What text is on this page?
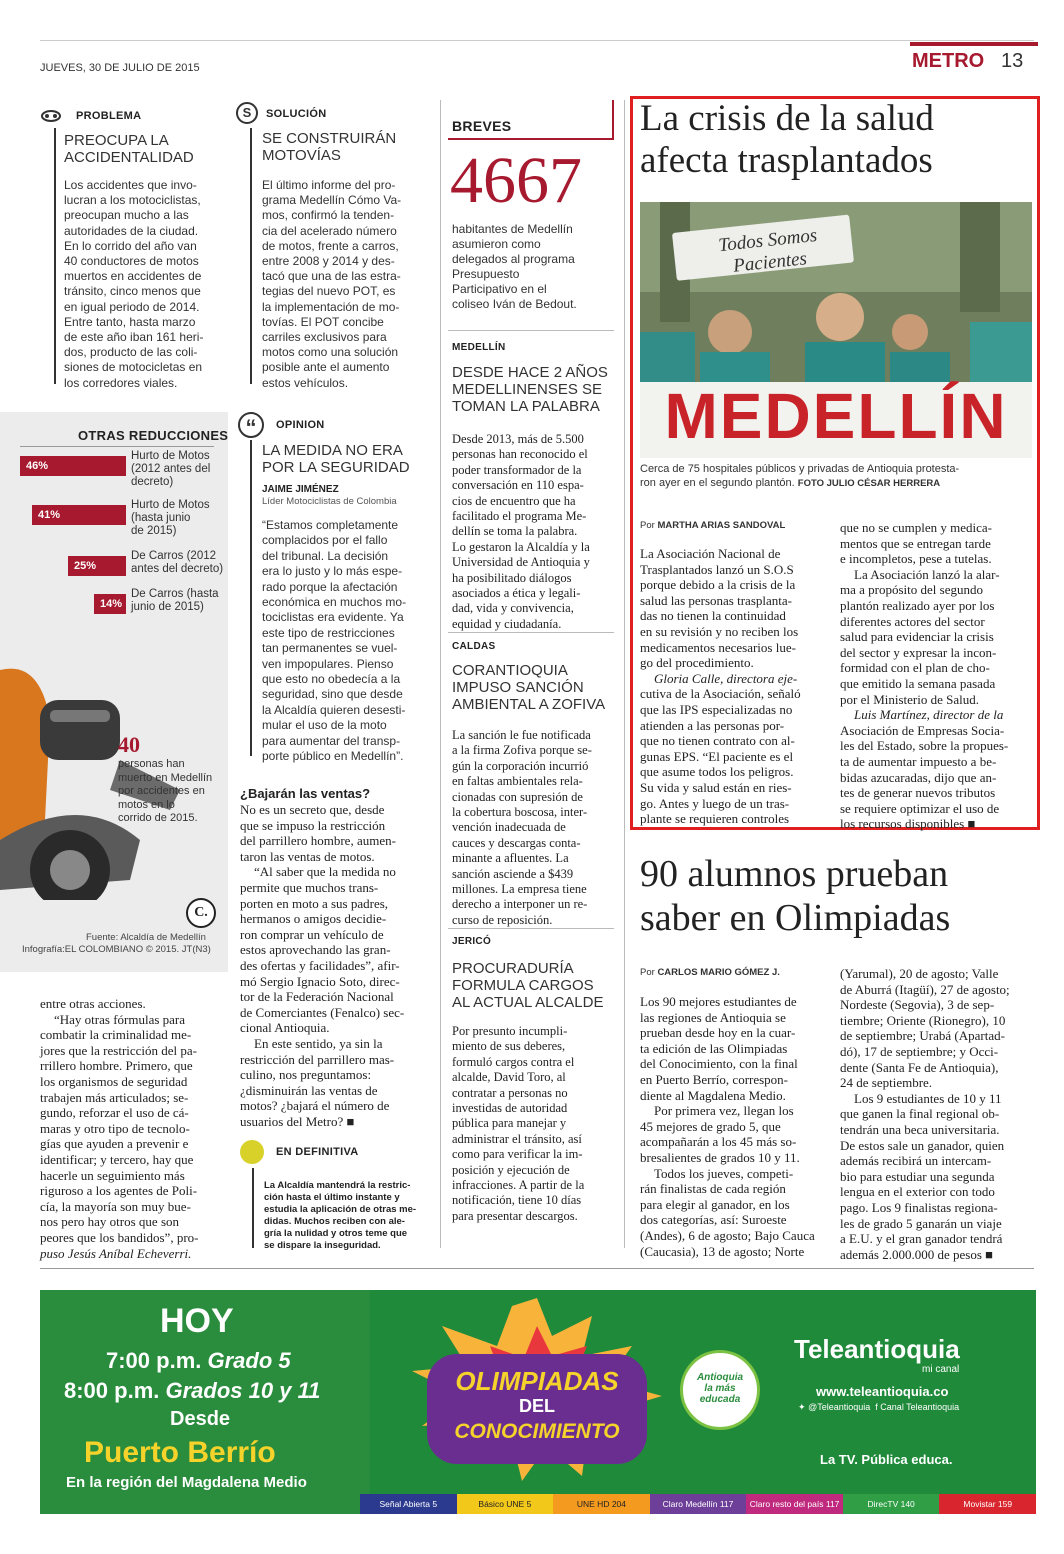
JUEVES, 30 DE JULIO DE 2015	METRO 13
PROBLEMA
PREOCUPA LA
ACCIDENTALIDAD
Los accidentes que invo-
lucran a los motociclistas,
preocupan mucho a las
autoridades de la ciudad.
En lo corrido del año van
40 conductores de motos
muertos en accidentes de
tránsito, cinco menos que
en igual periodo de 2014.
Entre tanto, hasta marzo
de este año iban 161 heri-
dos, producto de las coli-
siones de motocicletas en
los corredores viales.
S	SOLUCIÓN
SE CONSTRUIRÁN
MOTOVÍAS
El último informe del pro-
grama Medellín Cómo Va-
mos, confirmó la tenden-
cia del acelerado número
de motos, frente a carros,
entre 2008 y 2014 y des-
tacó que una de las estra-
tegias del nuevo POT, es
la implementación de mo-
tovías. El POT concibe
carriles exclusivos para
motos como una solución
posible ante el aumento
estos vehículos.
OTRAS REDUCCIONES
46%
Hurto de Motos
(2012 antes del
decreto)
41%
Hurto de Motos
(hasta junio
de 2015)
25%
De Carros (2012
antes del decreto)
14%
De Carros (hasta
junio de 2015)
40
personas han
muerto en Medellín
por accidentes en
motos en lo
corrido de 2015.
C.
Fuente: Alcaldía de Medellín
Infografía:EL COLOMBIANO © 2015. JT(N3)
“	OPINION
LA MEDIDA NO ERA
POR LA SEGURIDAD
JAIME JIMÉNEZ
Líder Motociclistas de Colombia
“Estamos completamente
complacidos por el fallo
del tribunal. La decisión
era lo justo y lo más espe-
rado porque la afectación
económica en muchos mo-
tociclistas era evidente. Ya
este tipo de restricciones
tan permanentes se vuel-
ven impopulares. Pienso
que esto no obedecía a la
seguridad, sino que desde
la Alcaldía quieren desesti-
mular el uso de la moto
para aumentar del transp-
porte público en Medellín”.
entre otras acciones.
“Hay otras fórmulas para
combatir la criminalidad me-
jores que la restricción del pa-
rrillero hombre. Primero, que
los organismos de seguridad
trabajen más articulados; se-
gundo, reforzar el uso de cá-
maras y otro tipo de tecnolo-
gías que ayuden a prevenir e
identificar; y tercero, hay que
hacerle un seguimiento más
riguroso a los agentes de Poli-
cía, la mayoría son muy bue-
nos pero hay otros que son
peores que los bandidos”, pro-
puso Jesús Aníbal Echeverri.
¿Bajarán las ventas?
No es un secreto que, desde
que se impuso la restricción
del parrillero hombre, aumen-
taron las ventas de motos.
“Al saber que la medida no
permite que muchos trans-
porten en moto a sus padres,
hermanos o amigos decidie-
ron comprar un vehículo de
estos aprovechando las gran-
des ofertas y facilidades”, afir-
mó Sergio Ignacio Soto, direc-
tor de la Federación Nacional
de Comerciantes (Fenalco) sec-
cional Antioquia.
En este sentido, ya sin la
restricción del parrillero mas-
culino, nos preguntamos:
¿disminuirán las ventas de
motos? ¿bajará el número de
usuarios del Metro? ■
EN DEFINITIVA
La Alcaldía mantendrá la restric-
ción hasta el último instante y
estudia la aplicación de otras me-
didas. Muchos reciben con ale-
gría la nulidad y otros teme que
se dispare la inseguridad.
BREVES
4667
habitantes de Medellín
asumieron como
delegados al programa
Presupuesto
Participativo en el
coliseo Iván de Bedout.
MEDELLÍN
DESDE HACE 2 AÑOS
MEDELLINENSES SE
TOMAN LA PALABRA
Desde 2013, más de 5.500
personas han reconocido el
poder transformador de la
conversación en 110 espa-
cios de encuentro que ha
facilitado el programa Me-
dellín se toma la palabra.
Lo gestaron la Alcaldía y la
Universidad de Antioquia y
ha posibilitado diálogos
asociados a ética y legali-
dad, vida y convivencia,
equidad y ciudadanía.
CALDAS
CORANTIOQUIA
IMPUSO SANCIÓN
AMBIENTAL A ZOFIVA
La sanción le fue notificada
a la firma Zofiva porque se-
gún la corporación incurrió
en faltas ambientales rela-
cionadas con supresión de
la cobertura boscosa, inter-
vención inadecuada de
cauces y descargas conta-
minante a afluentes. La
sanción asciende a $439
millones. La empresa tiene
derecho a interponer un re-
curso de reposición.
JERICÓ
PROCURADURÍA
FORMULA CARGOS
AL ACTUAL ALCALDE
Por presunto incumpli-
miento de sus deberes,
formuló cargos contra el
alcalde, David Toro, al
contratar a personas no
investidas de autoridad
pública para manejar y
administrar el tránsito, así
como para verificar la im-
posición y ejecución de
infracciones. A partir de la
notificación, tiene 10 días
para presentar descargos.
La crisis de la salud
afecta trasplantados
Todos Somos Pacientes
MEDELLÍN
Cerca de 75 hospitales públicos y privadas de Antioquia protesta-
ron ayer en el segundo plantón. FOTO JULIO CÉSAR HERRERA
Por MARTHA ARIAS SANDOVAL
La Asociación Nacional de
Trasplantados lanzó un S.O.S
porque debido a la crisis de la
salud las personas trasplanta-
das no tienen la continuidad
en su revisión y no reciben los
medicamentos necesarios lue-
go del procedimiento.
Gloria Calle, directora eje-
cutiva de la Asociación, señaló
que las IPS especializadas no
atienden a las personas por-
que no tienen contrato con al-
gunas EPS. “El paciente es el
que asume todos los peligros.
Su vida y salud están en ries-
go. Antes y luego de un tras-
plante se requieren controles
que no se cumplen y medica-
mentos que se entregan tarde
e incompletos, pese a tutelas.
La Asociación lanzó la alar-
ma a propósito del segundo
plantón realizado ayer por los
diferentes actores del sector
salud para evidenciar la crisis
del sector y expresar la incon-
formidad con el plan de cho-
que emitido la semana pasada
por el Ministerio de Salud.
Luis Martínez, director de la
Asociación de Empresas Socia-
les del Estado, sobre la propues-
ta de aumentar impuesto a be-
bidas azucaradas, dijo que an-
tes de generar nuevos tributos
se requiere optimizar el uso de
los recursos disponibles ■
90 alumnos prueban
saber en Olimpiadas
Por CARLOS MARIO GÓMEZ J.
Los 90 mejores estudiantes de
las regiones de Antioquia se
prueban desde hoy en la cuar-
ta edición de las Olimpiadas
del Conocimiento, con la final
en Puerto Berrío, correspon-
diente al Magdalena Medio.
Por primera vez, llegan los
45 mejores de grado 5, que
acompañarán a los 45 más so-
bresalientes de grados 10 y 11.
Todos los jueves, competi-
rán finalistas de cada región
para elegir al ganador, en los
dos categorías, así: Suroeste
(Andes), 6 de agosto; Bajo Cauca
(Caucasia), 13 de agosto; Norte
(Yarumal), 20 de agosto; Valle
de Aburrá (Itagüí), 27 de agosto;
Nordeste (Segovia), 3 de sep-
tiembre; Oriente (Rionegro), 10
de septiembre; Urabá (Apartad-
dó), 17 de septiembre; y Occi-
dente (Santa Fe de Antioquia),
24 de septiembre.
Los 9 estudiantes de 10 y 11
que ganen la final regional ob-
tendrán una beca universitaria.
De estos sale un ganador, quien
además recibirá un intercam-
bio para estudiar una segunda
lengua en el exterior con todo
pago. Los 9 finalistas regiona-
les de grado 5 ganarán un viaje
a E.U. y el gran ganador tendrá
además 2.000.000 de pesos ■
HOY
7:00 p.m. Grado 5
8:00 p.m. Grados 10 y 11
Desde
Puerto Berrío
En la región del Magdalena Medio
OLIMPIADAS
DEL
CONOCIMIENTO
Antioquia
la más
educada
Teleantioquia
mi canal
www.teleantioquia.co
✦ @Teleantioquia f Canal Teleantioquia
La TV. Pública educa.
Señal Abierta 5	Básico UNE 5	UNE HD 204	Claro Medellín 117	Claro resto del país 117	DirecTV 140	Movistar 159
